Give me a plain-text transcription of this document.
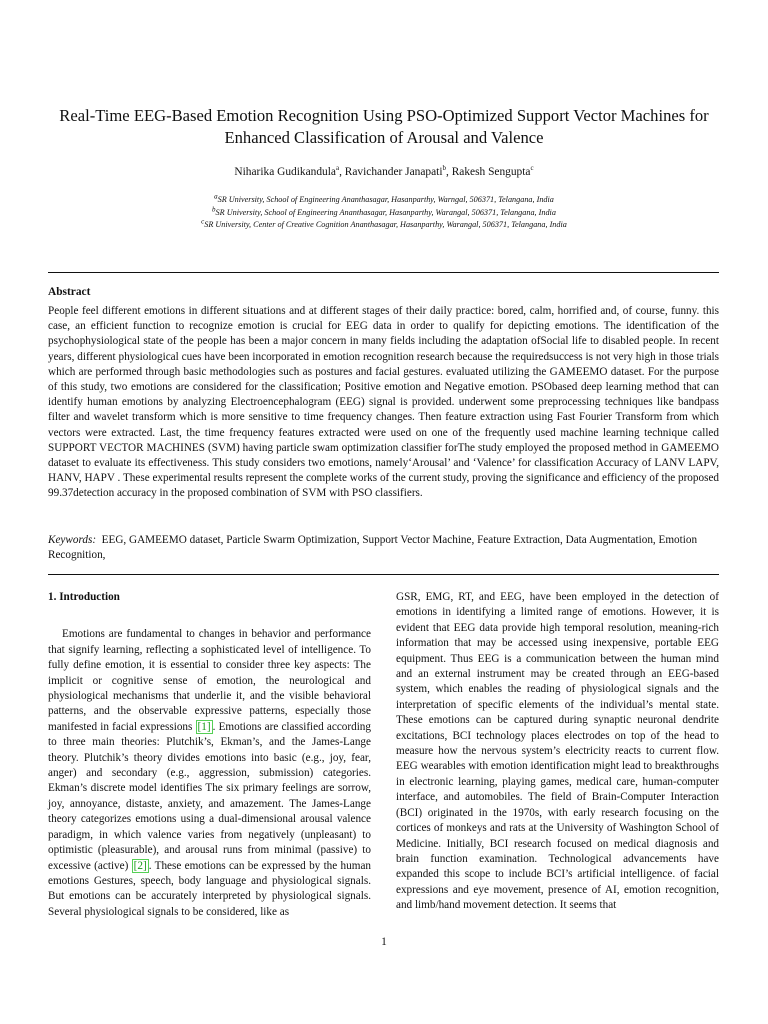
Real-Time EEG-Based Emotion Recognition Using PSO-Optimized Support Vector Machines for Enhanced Classification of Arousal and Valence
Niharika Gudikandula$^a$, Ravichander Janapati$^b$, Rakesh Sengupta$^c$
$^a$SR University, School of Engineering Ananthasagar, Hasanparthy, Warngal, 506371, Telangana, India
$^b$SR University, School of Engineering Ananthasagar, Hasanparthy, Warangal, 506371, Telangana, India
$^c$SR University, Center of Creative Cognition Ananthasagar, Hasanparthy, Warangal, 506371, Telangana, India
Abstract
People feel different emotions in different situations and at different stages of their daily practice: bored, calm, horrified and, of course, funny. this case, an efficient function to recognize emotion is crucial for EEG data in order to qualify for depicting emotions. The identification of the psychophysiological state of the people has been a major concern in many fields including the adaptation ofSocial life to disabled people. In recent years, different physiological cues have been incorporated in emotion recognition research because the requiredsuccess is not very high in those trials which are performed through basic methodologies such as postures and facial gestures. evaluated utilizing the GAMEEMO dataset. For the purpose of this study, two emotions are considered for the classification; Positive emotion and Negative emotion. PSObased deep learning method that can identify human emotions by analyzing Electroencephalogram (EEG) signal is provided. underwent some preprocessing techniques like bandpass filter and wavelet transform which is more sensitive to time frequency changes. Then feature extraction using Fast Fourier Transform from which vectors were extracted. Last, the time frequency features extracted were used on one of the frequently used machine learning technique called SUPPORT VECTOR MACHINES (SVM) having particle swam optimization classifier forThe study employed the proposed method in GAMEEMO dataset to evaluate its effectiveness. This study considers two emotions, namely‘Arousal’ and ‘Valence’ for classification Accuracy of LANV LAPV, HANV, HAPV . These experimental results represent the complete works of the current study, proving the significance and efficiency of the proposed 99.37detection accuracy in the proposed combination of SVM with PSO classifiers.
Keywords: EEG, GAMEEMO dataset, Particle Swarm Optimization, Support Vector Machine, Feature Extraction, Data Augmentation, Emotion Recognition,

1. Introduction

Emotions are fundamental to changes in behavior and performance that signify learning, reflecting a sophisticated level of intelligence. To fully define emotion, it is essential to consider three key aspects: The implicit or cognitive sense of emotion, the neurological and physiological mechanisms that underlie it, and the visible behavioral patterns, and the observable expressive patterns, especially those manifested in facial expressions [1] . Emotions are classified according to three main theories: Plutchik’s, Ekman’s, and the James-Lange theory. Plutchik’s theory divides emotions into basic (e.g., joy, fear, anger) and secondary (e.g., aggression, submission) categories. Ekman’s discrete model identifies The six primary feelings are sorrow, joy, annoyance, distaste, anxiety, and amazement. The James-Lange theory categorizes emotions using a dual-dimensional arousal valence paradigm, in which valence varies from negatively (unpleasant) to optimistic (pleasurable), and arousal runs from minimal (passive) to excessive (active) [2] . These emotions can be expressed by the human emotions Gestures, speech, body language and physiological signals. But emotions can be accurately interpreted by physiological signals. Several physiological signals to be considered, like as

GSR, EMG, RT, and EEG, have been employed in the detection of emotions in identifying a limited range of emotions. However, it is evident that EEG data provide high temporal resolution, meaning-rich information that may be accessed using inexpensive, portable EEG equipment. Thus EEG is a communication between the human mind and an external instrument may be created through an EEG-based system, which enables the reading of physiological signals and the interpretation of specific elements of the individual’s mental state. These emotions can be captured during synaptic neuronal dendrite excitations, BCI technology places electrodes on top of the head to measure how the nervous system’s electricity reacts to current flow. EEG wearables with emotion identification might lead to breakthroughs in electronic learning, playing games, medical care, human-computer interface, and automobiles. The field of Brain-Computer Interaction (BCI) originated in the 1970s, with early research focusing on the cortices of monkeys and rats at the University of Washington School of Medicine. Initially, BCI research focused on medical diagnosis and brain function examination. Technological advancements have expanded this scope to include BCI’s artificial intelligence. of facial expressions and eye movement, presence of AI, emotion recognition, and limb/hand movement detection. It seems that

1
